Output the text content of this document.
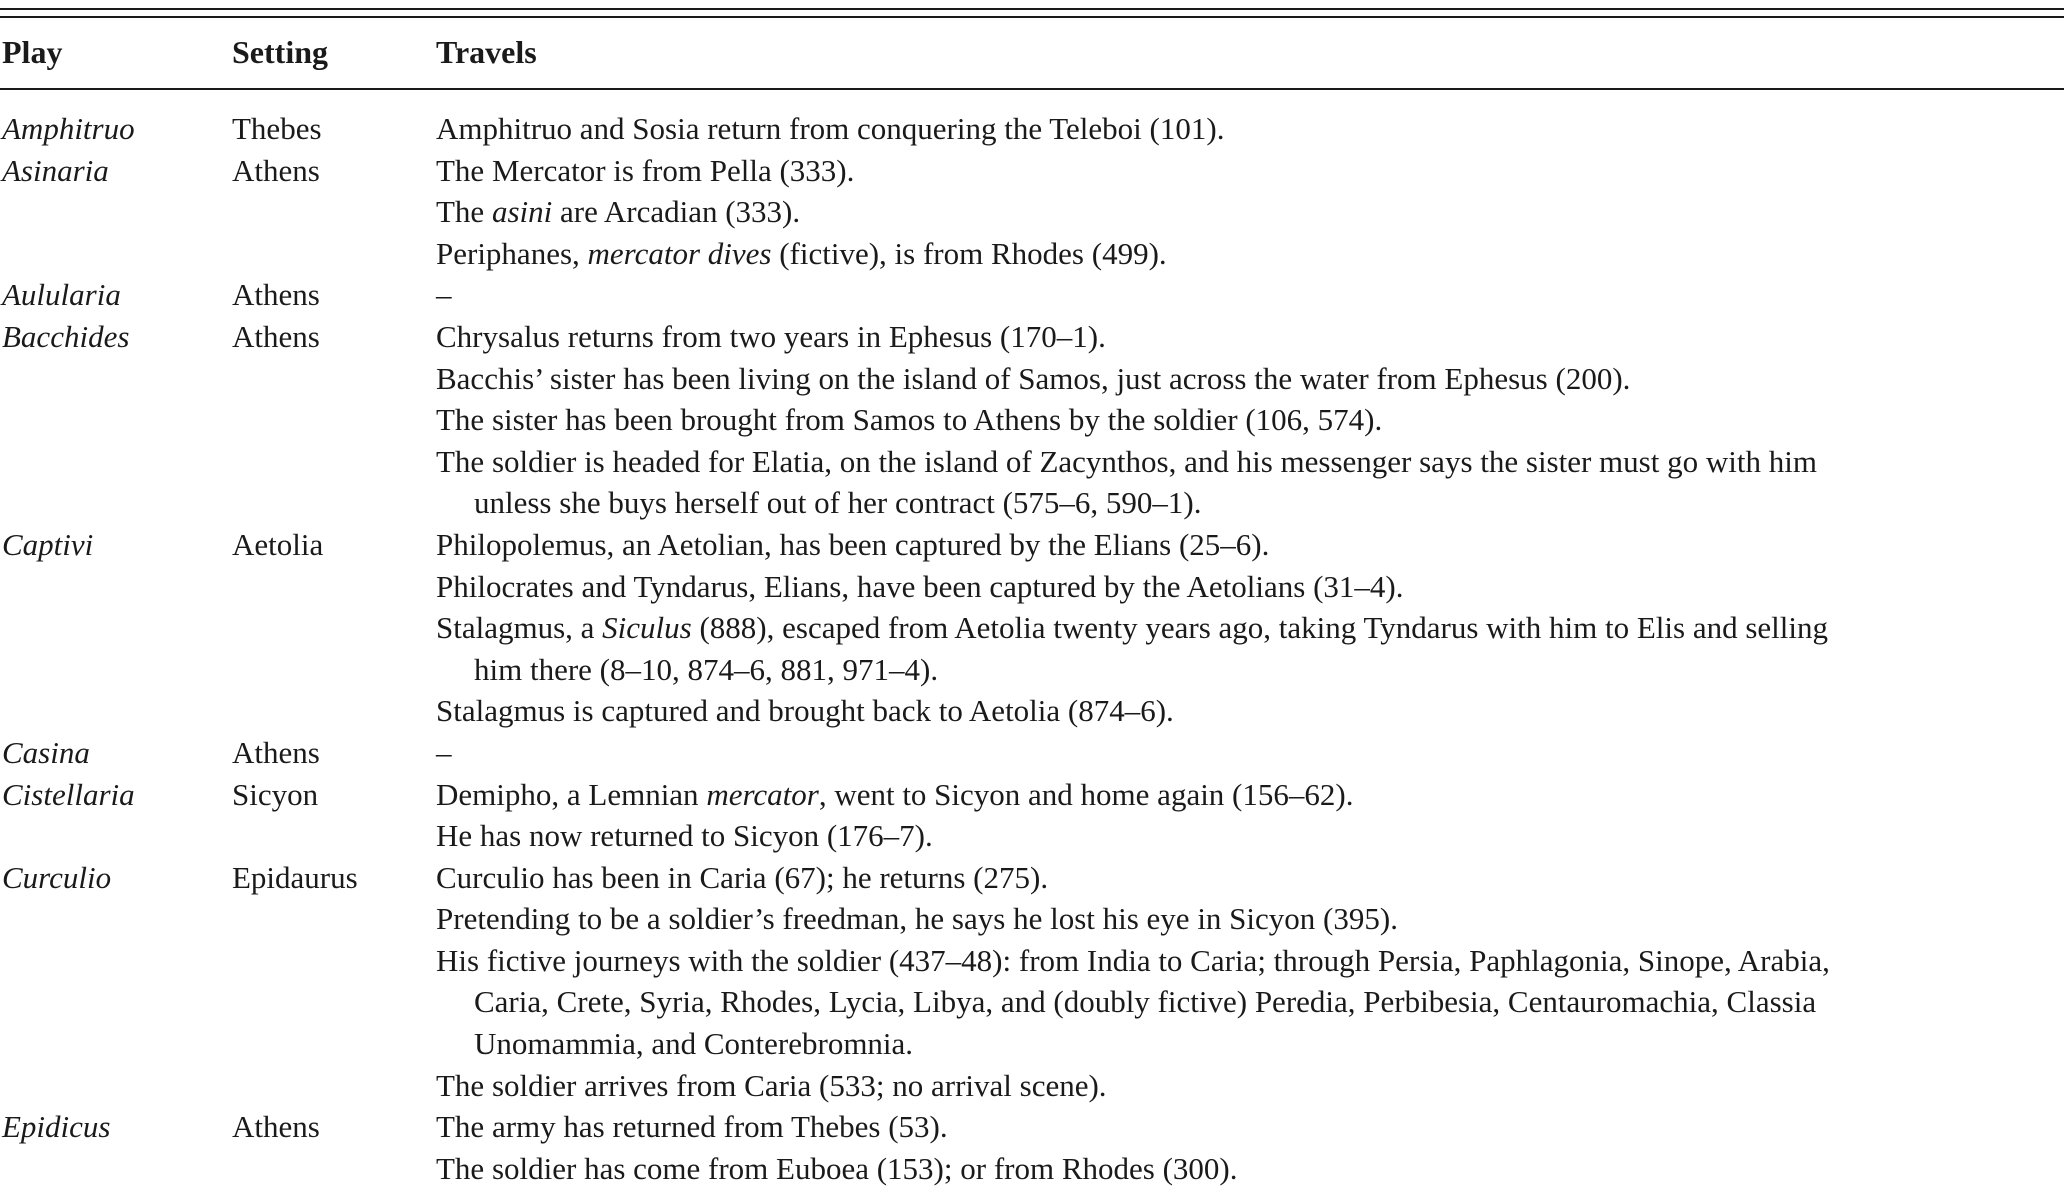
Play	Setting	Travels
Amphitruo	Thebes	Amphitruo and Sosia return from conquering the Teleboi (101).
Asinaria	Athens	The Mercator is from Pella (333).
The asini are Arcadian (333).
Periphanes, mercator dives (fictive), is from Rhodes (499).
Aulularia	Athens	–
Bacchides	Athens	Chrysalus returns from two years in Ephesus (170–1).
Bacchis’ sister has been living on the island of Samos, just across the water from Ephesus (200).
The sister has been brought from Samos to Athens by the soldier (106, 574).
The soldier is headed for Elatia, on the island of Zacynthos, and his messenger says the sister must go with him
unless she buys herself out of her contract (575–6, 590–1).
Captivi	Aetolia	Philopolemus, an Aetolian, has been captured by the Elians (25–6).
Philocrates and Tyndarus, Elians, have been captured by the Aetolians (31–4).
Stalagmus, a Siculus (888), escaped from Aetolia twenty years ago, taking Tyndarus with him to Elis and selling
him there (8–10, 874–6, 881, 971–4).
Stalagmus is captured and brought back to Aetolia (874–6).
Casina	Athens	–
Cistellaria	Sicyon	Demipho, a Lemnian mercator, went to Sicyon and home again (156–62).
He has now returned to Sicyon (176–7).
Curculio	Epidaurus	Curculio has been in Caria (67); he returns (275).
Pretending to be a soldier’s freedman, he says he lost his eye in Sicyon (395).
His fictive journeys with the soldier (437–48): from India to Caria; through Persia, Paphlagonia, Sinope, Arabia,
Caria, Crete, Syria, Rhodes, Lycia, Libya, and (doubly fictive) Peredia, Perbibesia, Centauromachia, Classia
Unomammia, and Conterebromnia.
The soldier arrives from Caria (533; no arrival scene).
Epidicus	Athens	The army has returned from Thebes (53).
The soldier has come from Euboea (153); or from Rhodes (300).
